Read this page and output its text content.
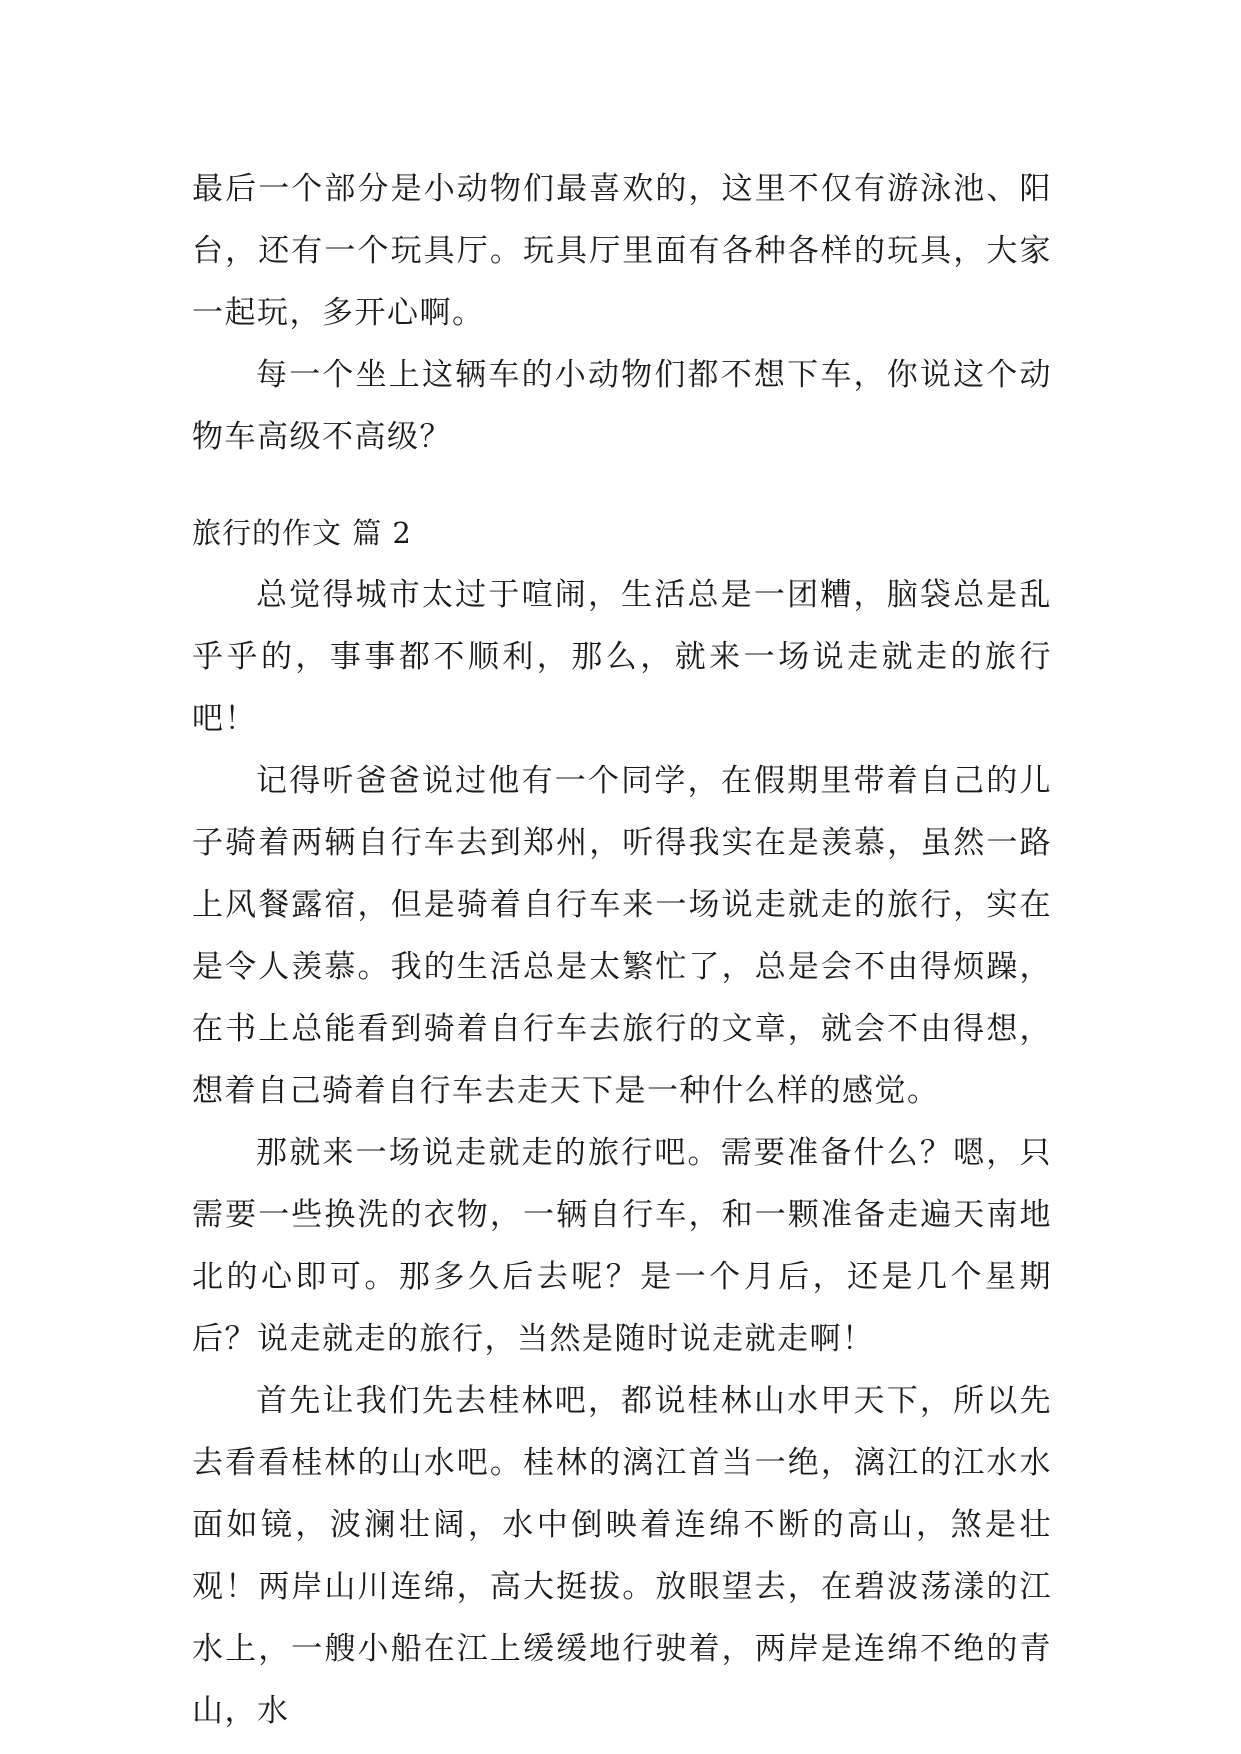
最后一个部分是小动物们最喜欢的，这里不仅有游泳池、阳台，还有一个玩具厅。玩具厅里面有各种各样的玩具，大家一起玩，多开心啊。

每一个坐上这辆车的小动物们都不想下车，你说这个动物车高级不高级？

旅行的作文 篇 2

总觉得城市太过于喧闹，生活总是一团糟，脑袋总是乱乎乎的，事事都不顺利，那么，就来一场说走就走的旅行吧！

记得听爸爸说过他有一个同学，在假期里带着自己的儿子骑着两辆自行车去到郑州，听得我实在是羡慕，虽然一路上风餐露宿，但是骑着自行车来一场说走就走的旅行，实在是令人羡慕。我的生活总是太繁忙了，总是会不由得烦躁，在书上总能看到骑着自行车去旅行的文章，就会不由得想，想着自己骑着自行车去走天下是一种什么样的感觉。

那就来一场说走就走的旅行吧。需要准备什么？嗯，只需要一些换洗的衣物，一辆自行车，和一颗准备走遍天南地北的心即可。那多久后去呢？是一个月后，还是几个星期后？说走就走的旅行，当然是随时说走就走啊！

首先让我们先去桂林吧，都说桂林山水甲天下，所以先去看看桂林的山水吧。桂林的漓江首当一绝，漓江的江水水面如镜，波澜壮阔，水中倒映着连绵不断的高山，煞是壮观！两岸山川连绵，高大挺拔。放眼望去，在碧波荡漾的江水上，一艘小船在江上缓缓地行驶着，两岸是连绵不绝的青山，水
